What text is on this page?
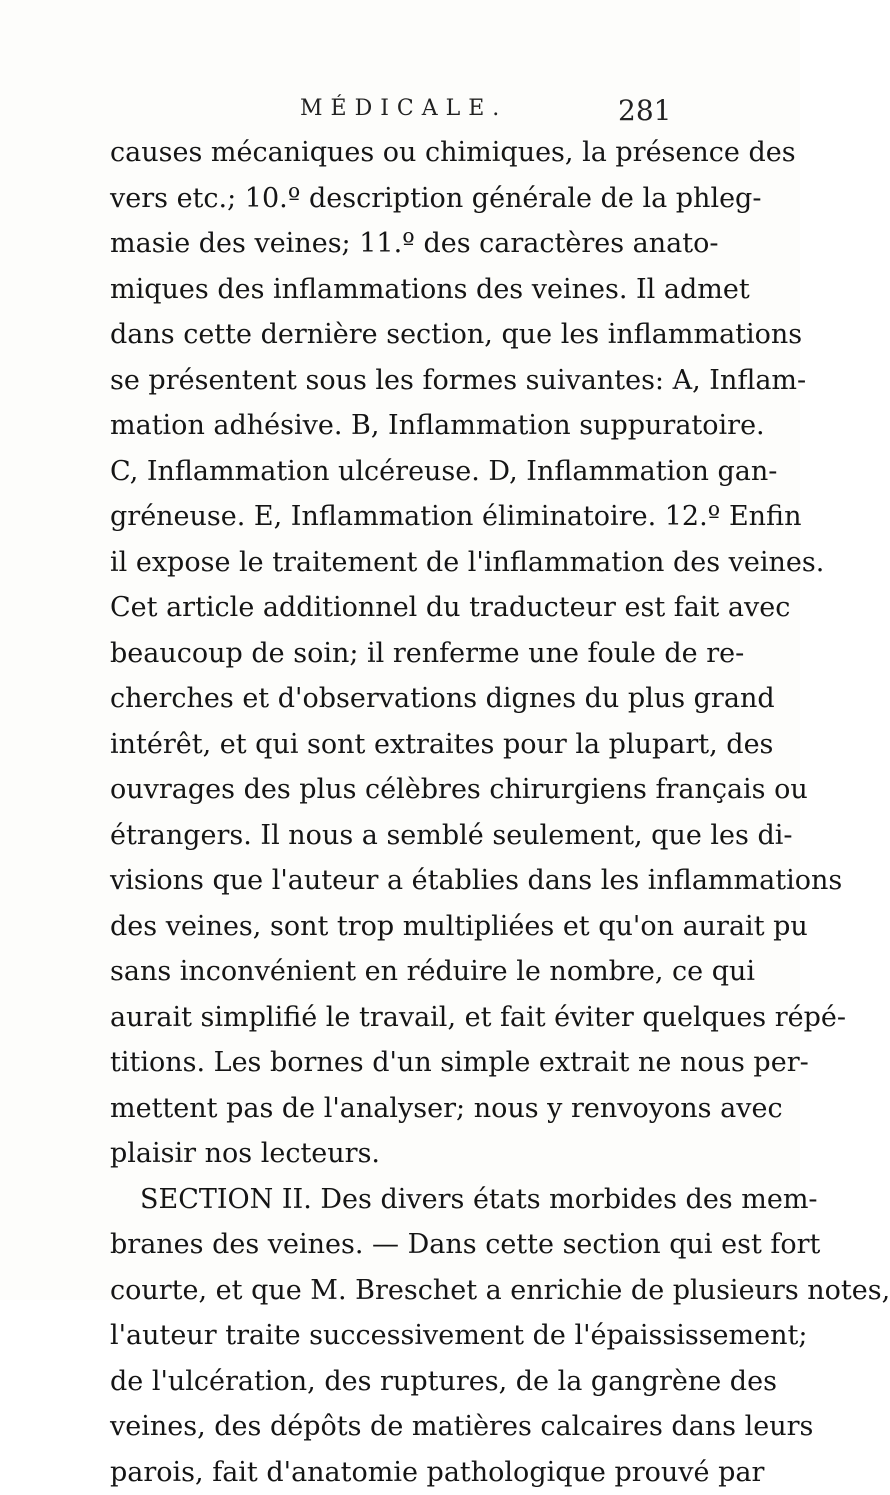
MÉDICALE.	281
causes mécaniques ou chimiques, la présence des
vers etc.; 10.º description générale de la phleg-
masie des veines; 11.º des caractères anato-
miques des inflammations des veines. Il admet
dans cette dernière section, que les inflammations
se présentent sous les formes suivantes: A, Inflam-
mation adhésive. B, Inflammation suppuratoire.
C, Inflammation ulcéreuse. D, Inflammation gan-
gréneuse. E, Inflammation éliminatoire. 12.º Enfin
il expose le traitement de l'inflammation des veines.
Cet article additionnel du traducteur est fait avec
beaucoup de soin; il renferme une foule de re-
cherches et d'observations dignes du plus grand
intérêt, et qui sont extraites pour la plupart, des
ouvrages des plus célèbres chirurgiens français ou
étrangers. Il nous a semblé seulement, que les di-
visions que l'auteur a établies dans les inflammations
des veines, sont trop multipliées et qu'on aurait pu
sans inconvénient en réduire le nombre, ce qui
aurait simplifié le travail, et fait éviter quelques répé-
titions. Les bornes d'un simple extrait ne nous per-
mettent pas de l'analyser; nous y renvoyons avec
plaisir nos lecteurs.
SECTION II. Des divers états morbides des mem-
branes des veines. — Dans cette section qui est fort
courte, et que M. Breschet a enrichie de plusieurs notes,
l'auteur traite successivement de l'épaississement;
de l'ulcération, des ruptures, de la gangrène des
veines, des dépôts de matières calcaires dans leurs
parois, fait d'anatomie pathologique prouvé par
